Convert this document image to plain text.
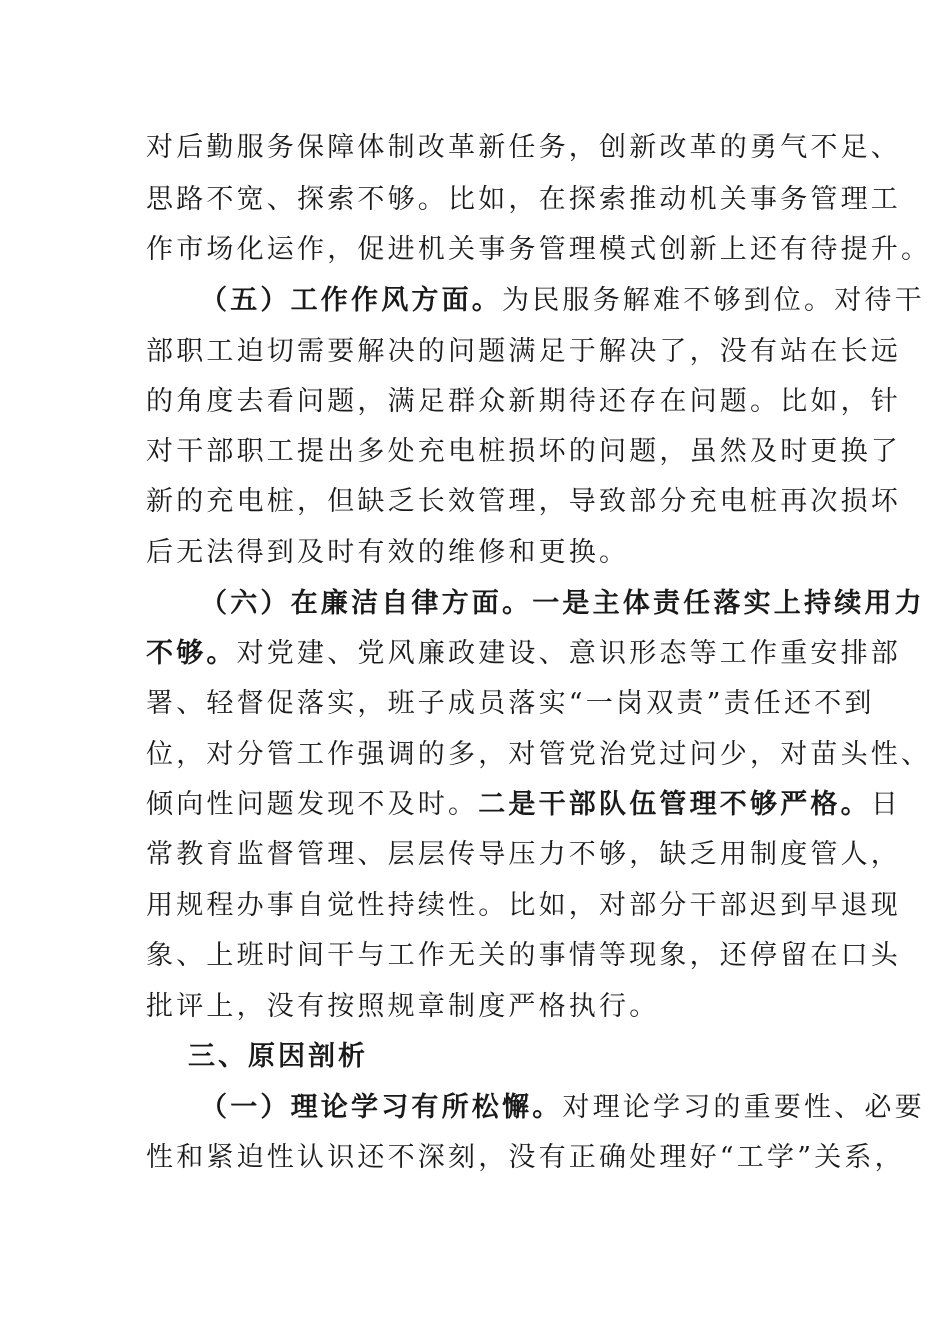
对后勤服务保障体制改革新任务，创新改革的勇气不足、
思路不宽、探索不够。比如，在探索推动机关事务管理工
作市场化运作，促进机关事务管理模式创新上还有待提升。
（五）工作作风方面。为民服务解难不够到位。对待干
部职工迫切需要解决的问题满足于解决了，没有站在长远
的角度去看问题，满足群众新期待还存在问题。比如，针
对干部职工提出多处充电桩损坏的问题，虽然及时更换了
新的充电桩，但缺乏长效管理，导致部分充电桩再次损坏
后无法得到及时有效的维修和更换。
（六）在廉洁自律方面。一是主体责任落实上持续用力
不够。对党建、党风廉政建设、意识形态等工作重安排部
署、轻督促落实，班子成员落实“一岗双责”责任还不到
位，对分管工作强调的多，对管党治党过问少，对苗头性、
倾向性问题发现不及时。二是干部队伍管理不够严格。日
常教育监督管理、层层传导压力不够，缺乏用制度管人，
用规程办事自觉性持续性。比如，对部分干部迟到早退现
象、上班时间干与工作无关的事情等现象，还停留在口头
批评上，没有按照规章制度严格执行。
三、原因剖析
（一）理论学习有所松懈。对理论学习的重要性、必要
性和紧迫性认识还不深刻，没有正确处理好“工学”关系，
